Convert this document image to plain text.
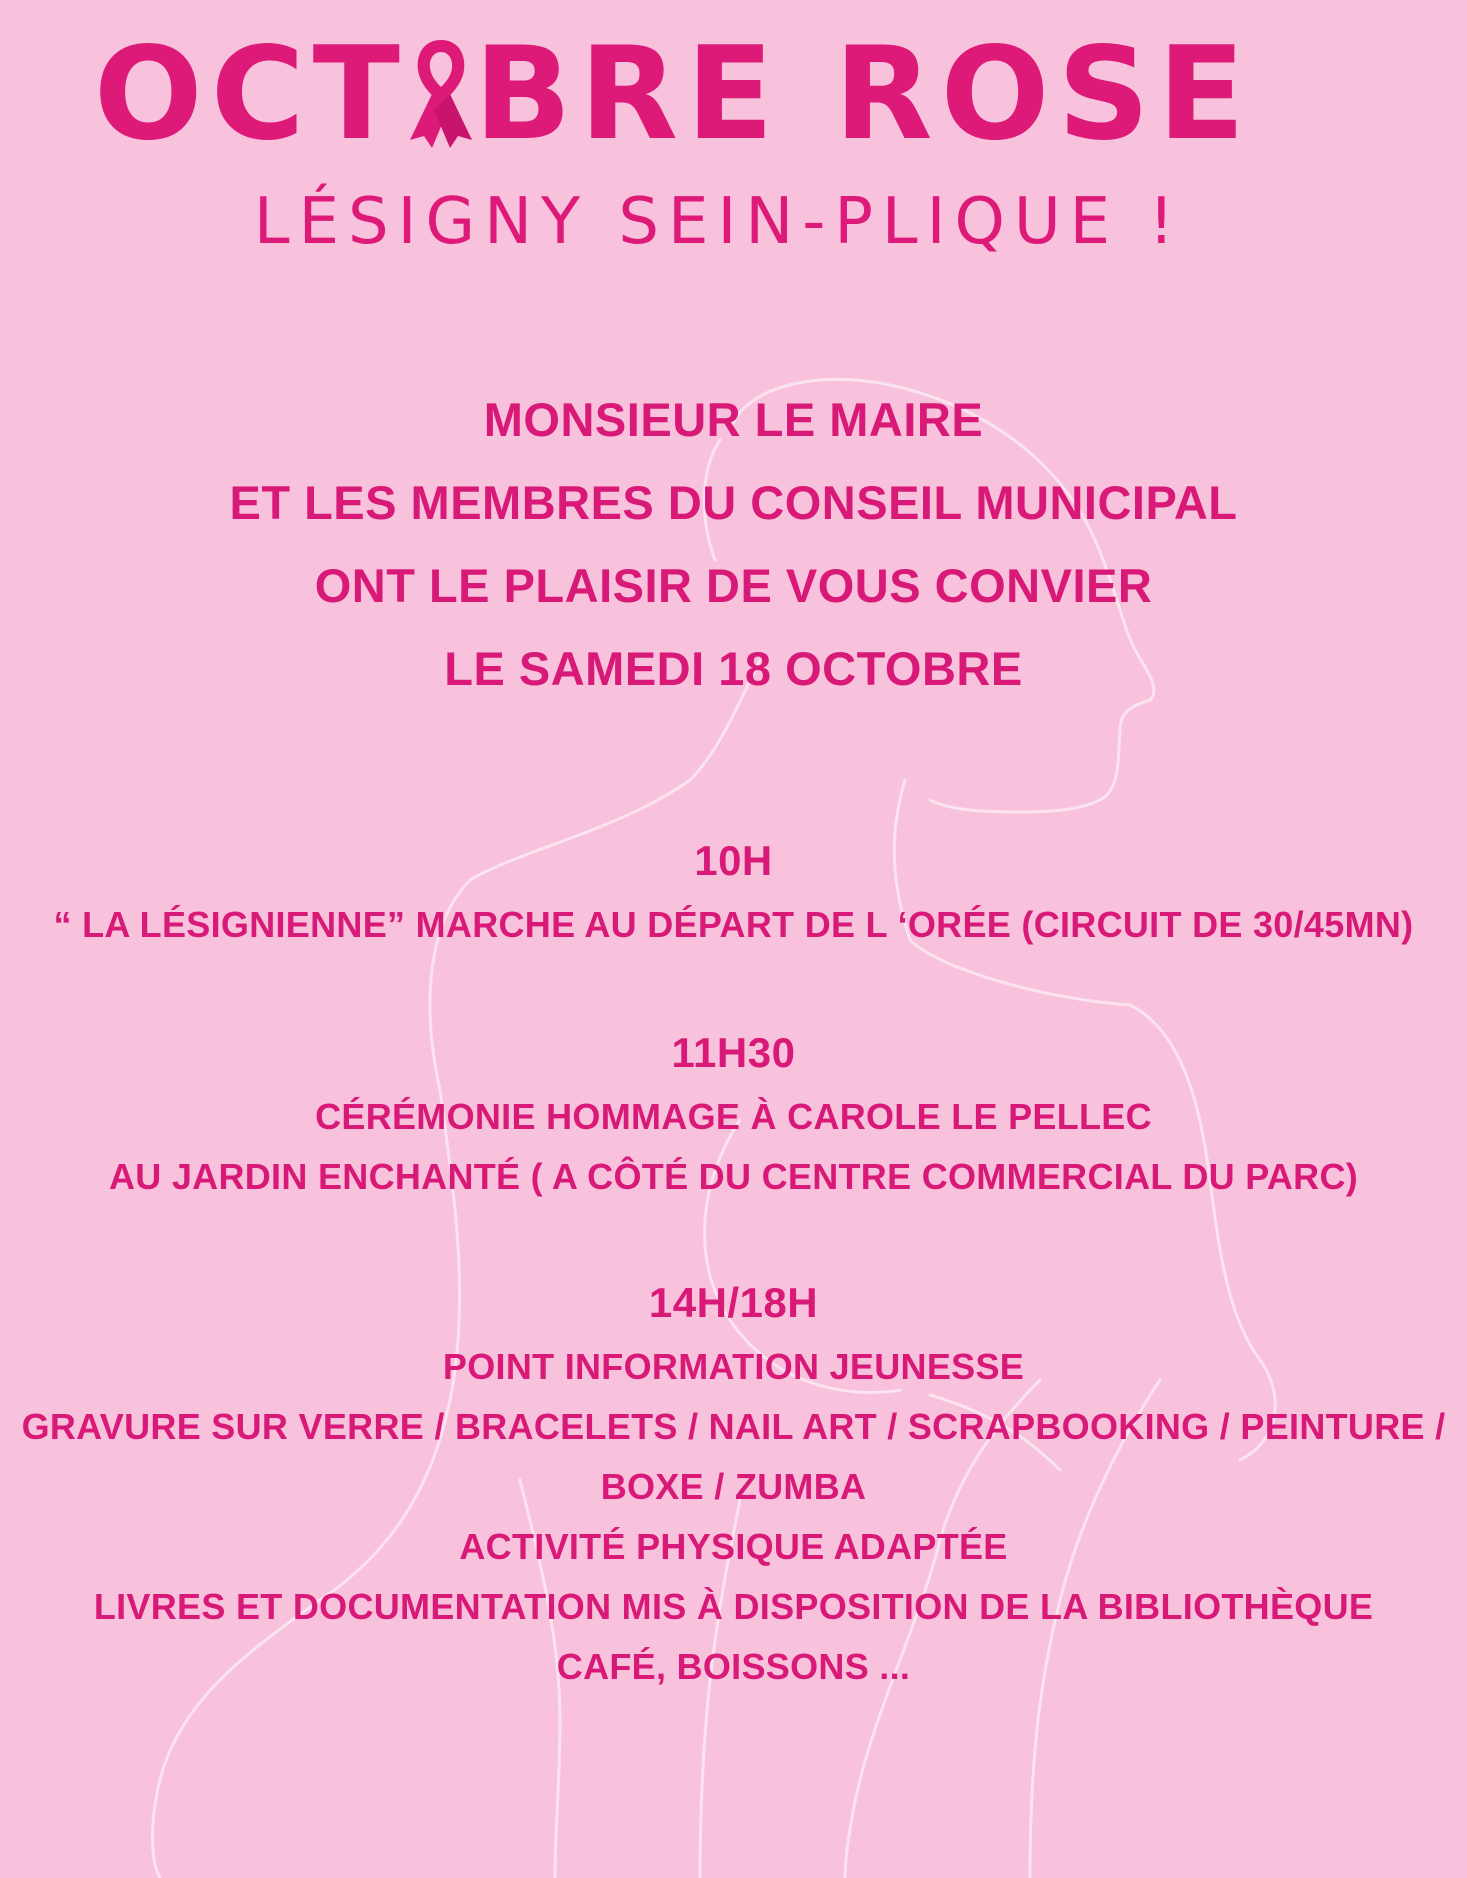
OCT BRE ROSE
LÉSIGNY SEIN-PLIQUE !
MONSIEUR LE MAIRE
ET LES MEMBRES DU CONSEIL MUNICIPAL
ONT LE PLAISIR DE VOUS CONVIER
LE SAMEDI 18 OCTOBRE
10H
“ LA LÉSIGNIENNE” MARCHE AU DÉPART DE L ‘ORÉE (CIRCUIT DE 30/45MN)
11H30
CÉRÉMONIE HOMMAGE À CAROLE LE PELLEC
AU JARDIN ENCHANTÉ ( A CÔTÉ DU CENTRE COMMERCIAL DU PARC)
14H/18H
POINT INFORMATION JEUNESSE
GRAVURE SUR VERRE / BRACELETS / NAIL ART / SCRAPBOOKING / PEINTURE /
BOXE / ZUMBA
ACTIVITÉ PHYSIQUE ADAPTÉE
LIVRES ET DOCUMENTATION MIS À DISPOSITION DE LA BIBLIOTHÈQUE
CAFÉ, BOISSONS ...
